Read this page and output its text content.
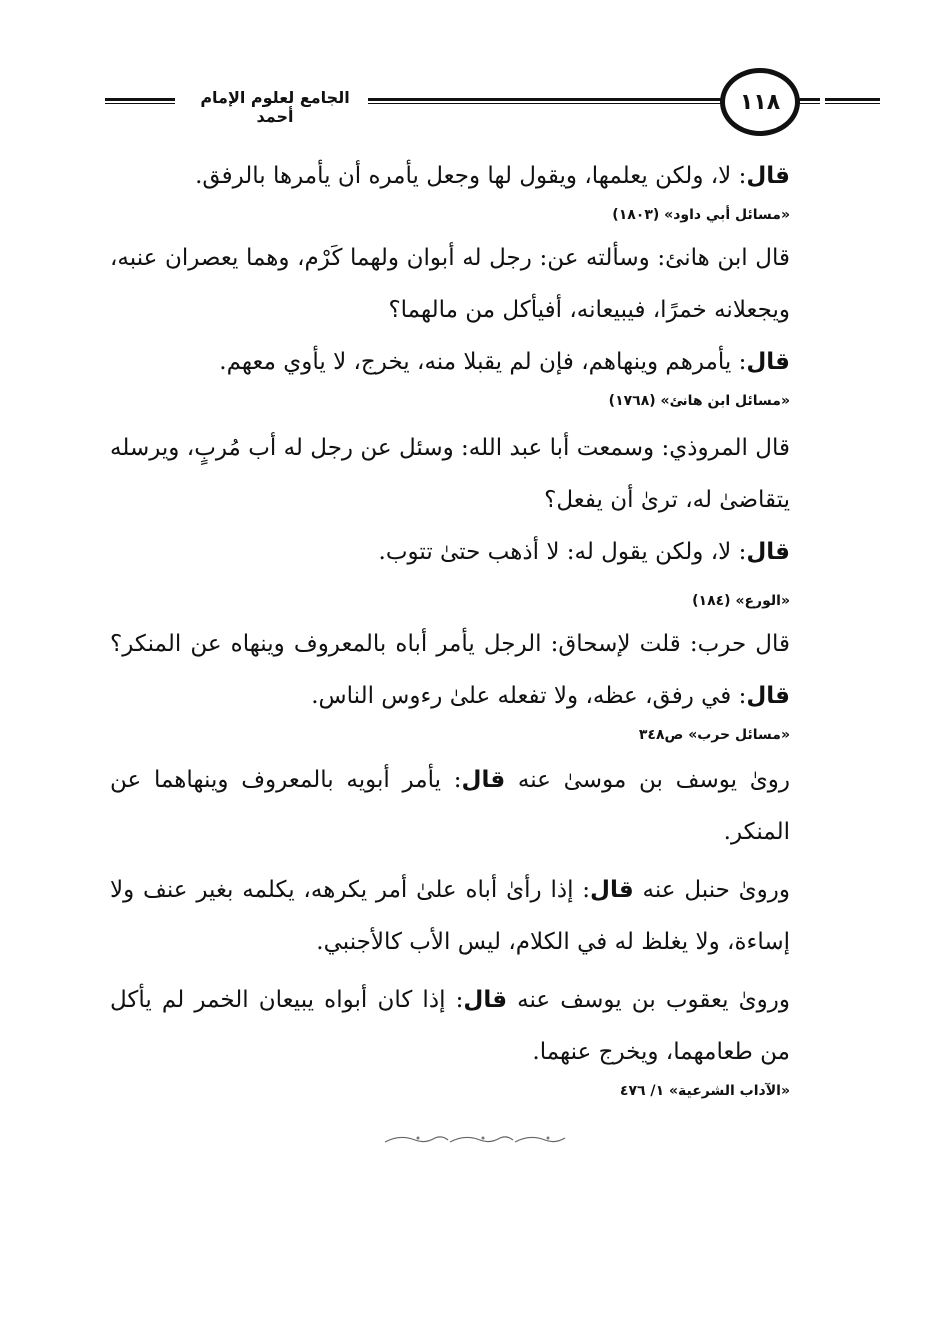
الجامع لعلوم الإمام أحمد
١١٨

قال: لا، ولكن يعلمها، ويقول لها وجعل يأمره أن يأمرها بالرفق.

«مسائل أبي داود» (١٨٠٣)

قال ابن هانئ: وسألته عن: رجل له أبوان ولهما كَرْم، وهما يعصران عنبه، ويجعلانه خمرًا، فيبيعانه، أفيأكل من مالهما؟

قال: يأمرهم وينهاهم، فإن لم يقبلا منه، يخرج، لا يأوي معهم.

«مسائل ابن هانئ» (١٧٦٨)

قال المروذي: وسمعت أبا عبد الله: وسئل عن رجل له أب مُربٍ، ويرسله يتقاضىٰ له، ترىٰ أن يفعل؟

قال: لا، ولكن يقول له: لا أذهب حتىٰ تتوب.

«الورع» (١٨٤)

قال حرب: قلت لإسحاق: الرجل يأمر أباه بالمعروف وينهاه عن المنكر؟ قال: في رفق، عظه، ولا تفعله علىٰ رءوس الناس.

«مسائل حرب» ص٣٤٨

روىٰ يوسف بن موسىٰ عنه قال: يأمر أبويه بالمعروف وينهاهما عن المنكر.

وروىٰ حنبل عنه قال: إذا رأىٰ أباه علىٰ أمر يكرهه، يكلمه بغير عنف ولا إساءة، ولا يغلظ له في الكلام، ليس الأب كالأجنبي.

وروىٰ يعقوب بن يوسف عنه قال: إذا كان أبواه يبيعان الخمر لم يأكل من طعامهما، ويخرج عنهما.

«الآداب الشرعية» ١/ ٤٧٦
